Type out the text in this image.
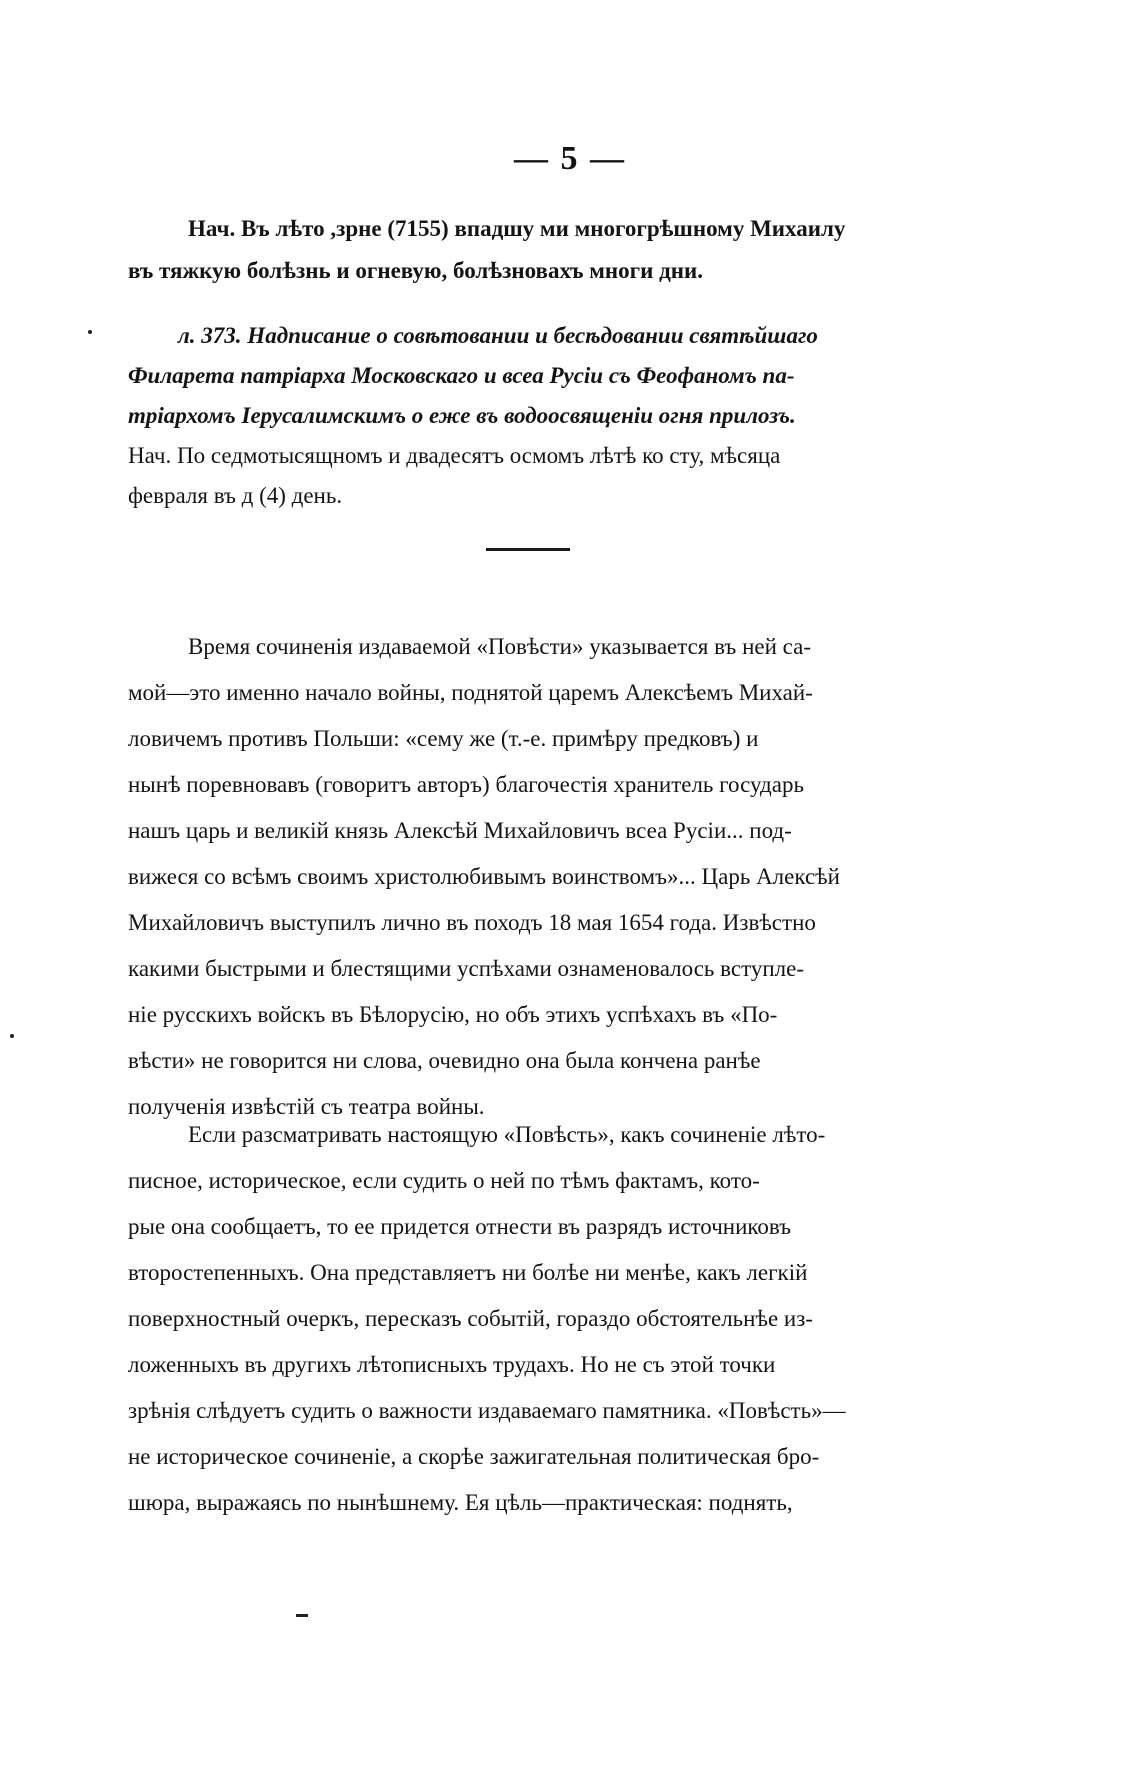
— 5 —
Нач. Въ лѣто ,зрне (7155) впадшу ми многогрѣшному Михаилу
въ тяжкую болѣзнь и огневую, болѣзновахъ многи дни.
л. 373. Надписание о совѣтовании и бесѣдовании святѣйшаго
Филарета патріарха Московскаго и всеа Русіи съ Феофаномъ па-
тріархомъ Іерусалимскимъ о еже въ водоосвященіи огня прилозъ.
Нач. По седмотысящномъ и двадесятъ осмомъ лѣтѣ ко сту, мѣсяца
февраля въ д (4) день.
Время сочиненія издаваемой «Повѣсти» указывается въ ней са-
мой—это именно начало войны, поднятой царемъ Алексѣемъ Михай-
ловичемъ противъ Польши: «сему же (т.-е. примѣру предковъ) и
нынѣ поревновавъ (говоритъ авторъ) благочестія хранитель государь
нашъ царь и великій князь Алексѣй Михайловичъ всеа Русіи... под-
вижеся со всѣмъ своимъ христолюбивымъ воинствомъ»... Царь Алексѣй
Михайловичъ выступилъ лично въ походъ 18 мая 1654 года. Извѣстно
какими быстрыми и блестящими успѣхами ознаменовалось вступле-
ніе русскихъ войскъ въ Бѣлорусію, но объ этихъ успѣхахъ въ «По-
вѣсти» не говорится ни слова, очевидно она была кончена ранѣе
полученія извѣстій съ театра войны.
Если разсматривать настоящую «Повѣсть», какъ сочиненіе лѣто-
писное, историческое, если судить о ней по тѣмъ фактамъ, кото-
рые она сообщаетъ, то ее придется отнести въ разрядъ источниковъ
второстепенныхъ. Она представляетъ ни болѣе ни менѣе, какъ легкій
поверхностный очеркъ, пересказъ событій, гораздо обстоятельнѣе из-
ложенныхъ въ другихъ лѣтописныхъ трудахъ. Но не съ этой точки
зрѣнія слѣдуетъ судить о важности издаваемаго памятника. «Повѣсть»—
не историческое сочиненіе, а скорѣе зажигательная политическая бро-
шюра, выражаясь по нынѣшнему. Ея цѣль—практическая: поднять,
